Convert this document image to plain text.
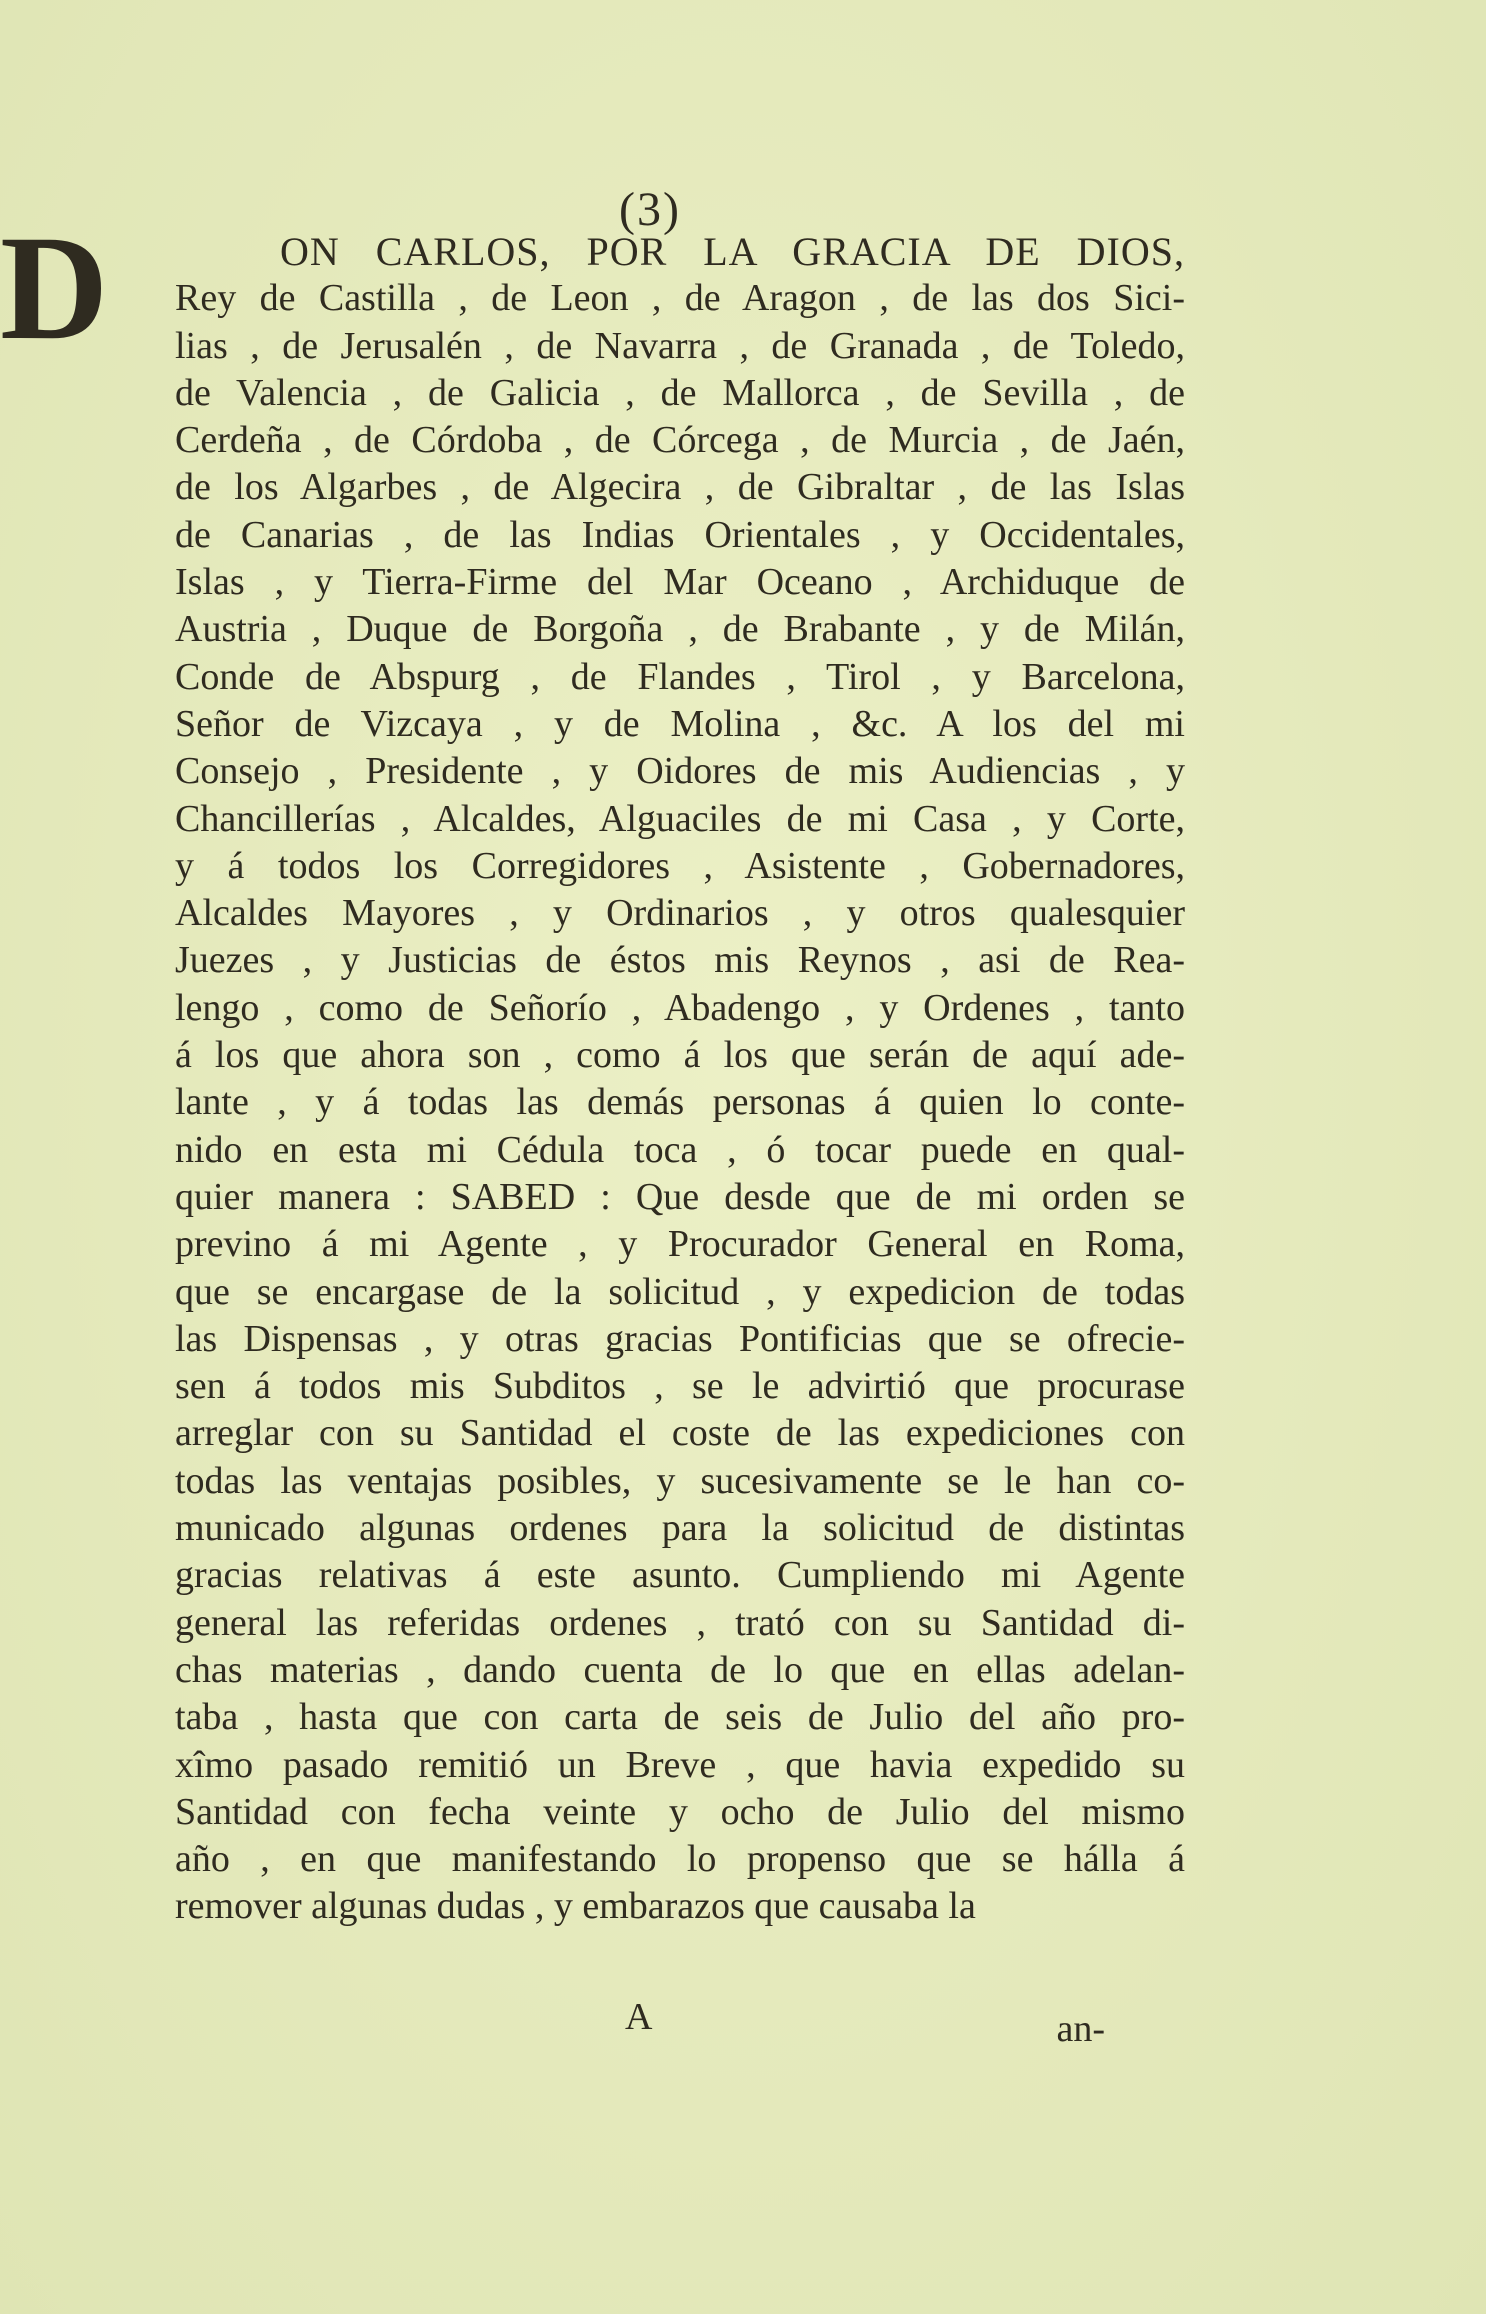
(3)
D	ON CARLOS, POR LA GRACIA DE DIOS,
Rey de Castilla , de Leon , de Aragon , de las dos Sici-
lias , de Jerusalén , de Navarra , de Granada , de Toledo,
de Valencia , de Galicia , de Mallorca , de Sevilla , de
Cerdeña , de Córdoba , de Córcega , de Murcia , de Jaén,
de los Algarbes , de Algecira , de Gibraltar , de las Islas
de Canarias , de las Indias Orientales , y Occidentales,
Islas , y Tierra-Firme del Mar Oceano , Archiduque de
Austria , Duque de Borgoña , de Brabante , y de Milán,
Conde de Abspurg , de Flandes , Tirol , y Barcelona,
Señor de Vizcaya , y de Molina , &c. A los del mi
Consejo , Presidente , y Oidores de mis Audiencias , y
Chancillerías , Alcaldes, Alguaciles de mi Casa , y Corte,
y á todos los Corregidores , Asistente , Gobernadores,
Alcaldes Mayores , y Ordinarios , y otros qualesquier
Juezes , y Justicias de éstos mis Reynos , asi de Rea-
lengo , como de Señorío , Abadengo , y Ordenes , tanto
á los que ahora son , como á los que serán de aquí ade-
lante , y á todas las demás personas á quien lo conte-
nido en esta mi Cédula toca , ó tocar puede en qual-
quier manera : SABED : Que desde que de mi orden se
previno á mi Agente , y Procurador General en Roma,
que se encargase de la solicitud , y expedicion de todas
las Dispensas , y otras gracias Pontificias que se ofrecie-
sen á todos mis Subditos , se le advirtió que procurase
arreglar con su Santidad el coste de las expediciones con
todas las ventajas posibles, y sucesivamente se le han co-
municado algunas ordenes para la solicitud de distintas
gracias relativas á este asunto. Cumpliendo mi Agente
general las referidas ordenes , trató con su Santidad di-
chas materias , dando cuenta de lo que en ellas adelan-
taba , hasta que con carta de seis de Julio del año pro-
xîmo pasado remitió un Breve , que havia expedido su
Santidad con fecha veinte y ocho de Julio del mismo
año , en que manifestando lo propenso que se hálla á
remover algunas dudas , y embarazos que causaba la
A	an-
